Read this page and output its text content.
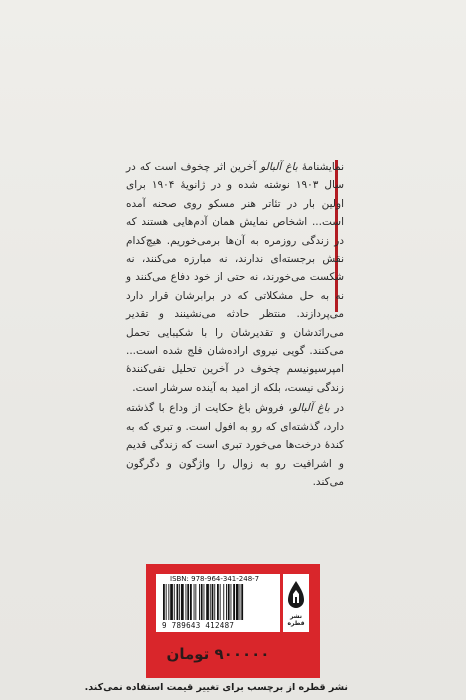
نمایشنامهٔ باغ آلبالو آخرین اثر چخوف است که در سال ۱۹۰۳ نوشته شده و در ژانویهٔ ۱۹۰۴ برای اولین بار در تئاتر هنر مسکو روی صحنه آمده است... اشخاص نمایش همان آدم‌هایی هستند که در زندگی روزمره به آن‌ها برمی‌خوریم. هیچ‌کدام نقش برجسته‌ای ندارند، نه مبارزه می‌کنند، نه شکست می‌خورند، نه حتی از خود دفاع می‌کنند و نه به حل مشکلاتی که در برابرشان قرار دارد می‌پردازند. منتظر حادثه می‌نشینند و تقدیر می‌رانَدشان و تقدیرشان را با شکیبایی تحمل می‌کنند. گویی نیروی اراده‌شان فلج شده است... امپرسیونیسم چخوف در آخرین تحلیل نفی‌کنندهٔ زندگی نیست، بلکه از امید به آینده سرشار است.

در باغ آلبالو، فروش باغ حکایت از وداع با گذشته دارد، گذشته‌ای که رو به افول است. و تبری که به کندهٔ درخت‌ها می‌خورد تبری است که زندگی قدیم و اشرافیت رو به زوال را واژگون و دگرگون می‌کند.

ISBN: 978-964-341-248-7
9 789643 412487
نشر قطره
۹۰۰۰۰۰ تومان
نشر قطره از برچسب برای تغییر قیمت استفاده نمی‌کند.
